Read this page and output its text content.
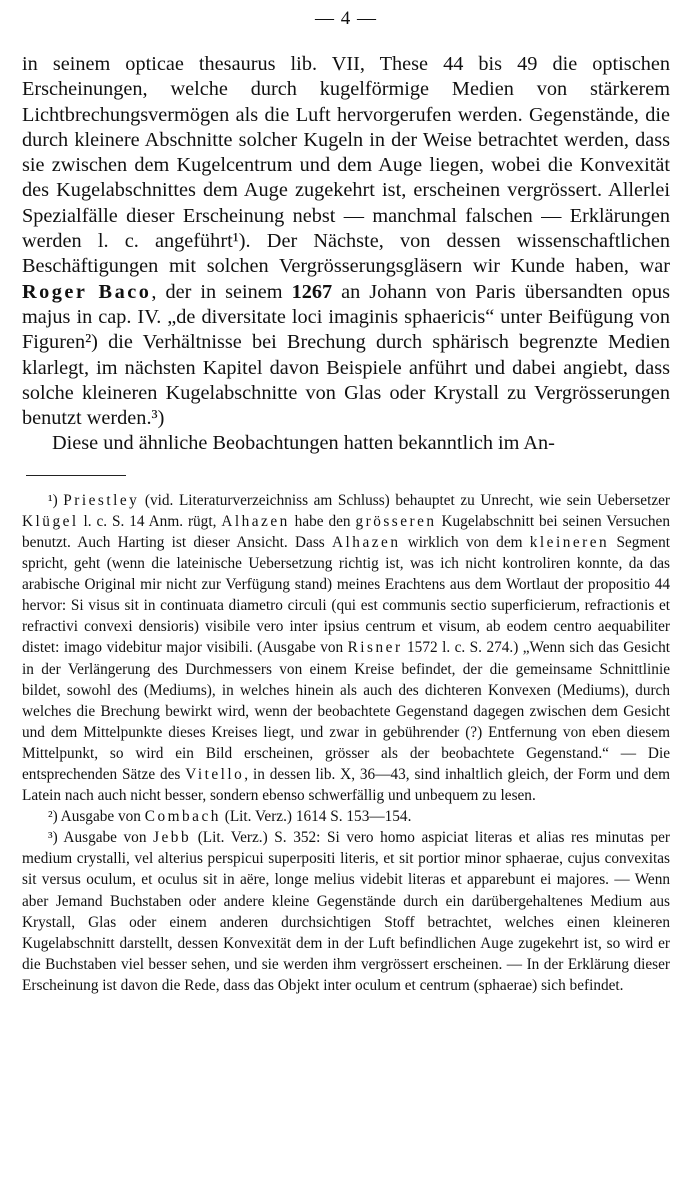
— 4 —

in seinem opticae thesaurus lib. VII, These 44 bis 49 die optischen Erscheinungen, welche durch kugelförmige Medien von stärkerem Lichtbrechungsvermögen als die Luft hervorgerufen werden. Gegenstände, die durch kleinere Abschnitte solcher Kugeln in der Weise betrachtet werden, dass sie zwischen dem Kugelcentrum und dem Auge liegen, wobei die Konvexität des Kugelabschnittes dem Auge zugekehrt ist, erscheinen vergrössert. Allerlei Spezialfälle dieser Erscheinung nebst — manchmal falschen — Erklärungen werden l. c. angeführt¹). Der Nächste, von dessen wissenschaftlichen Beschäftigungen mit solchen Vergrösserungsgläsern wir Kunde haben, war Roger Baco, der in seinem 1267 an Johann von Paris übersandten opus majus in cap. IV. „de diversitate loci imaginis sphaericis“ unter Beifügung von Figuren²) die Verhältnisse bei Brechung durch sphärisch begrenzte Medien klarlegt, im nächsten Kapitel davon Beispiele anführt und dabei angiebt, dass solche kleineren Kugelabschnitte von Glas oder Krystall zu Vergrösserungen benutzt werden.³)

Diese und ähnliche Beobachtungen hatten bekanntlich im An-

¹) Priestley (vid. Literaturverzeichniss am Schluss) behauptet zu Unrecht, wie sein Uebersetzer Klügel l. c. S. 14 Anm. rügt, Alhazen habe den grösseren Kugelabschnitt bei seinen Versuchen benutzt. Auch Harting ist dieser Ansicht. Dass Alhazen wirklich von dem kleineren Segment spricht, geht (wenn die lateinische Uebersetzung richtig ist, was ich nicht kontroliren konnte, da das arabische Original mir nicht zur Verfügung stand) meines Erachtens aus dem Wortlaut der propositio 44 hervor: Si visus sit in continuata diametro circuli (qui est communis sectio superficierum, refractionis et refractivi convexi densioris) visibile vero inter ipsius centrum et visum, ab eodem centro aequabiliter distet: imago videbitur major visibili. (Ausgabe von Risner 1572 l. c. S. 274.) „Wenn sich das Gesicht in der Verlängerung des Durchmessers von einem Kreise befindet, der die gemeinsame Schnittlinie bildet, sowohl des (Mediums), in welches hinein als auch des dichteren Konvexen (Mediums), durch welches die Brechung bewirkt wird, wenn der beobachtete Gegenstand dagegen zwischen dem Gesicht und dem Mittelpunkte dieses Kreises liegt, und zwar in gebührender (?) Entfernung von eben diesem Mittelpunkt, so wird ein Bild erscheinen, grösser als der beobachtete Gegenstand.“ — Die entsprechenden Sätze des Vitello, in dessen lib. X, 36—43, sind inhaltlich gleich, der Form und dem Latein nach auch nicht besser, sondern ebenso schwerfällig und unbequem zu lesen.

²) Ausgabe von Combach (Lit. Verz.) 1614 S. 153—154.

³) Ausgabe von Jebb (Lit. Verz.) S. 352: Si vero homo aspiciat literas et alias res minutas per medium crystalli, vel alterius perspicui superpositi literis, et sit portior minor sphaerae, cujus convexitas sit versus oculum, et oculus sit in aëre, longe melius videbit literas et apparebunt ei majores. — Wenn aber Jemand Buchstaben oder andere kleine Gegenstände durch ein darübergehaltenes Medium aus Krystall, Glas oder einem anderen durchsichtigen Stoff betrachtet, welches einen kleineren Kugelabschnitt darstellt, dessen Konvexität dem in der Luft befindlichen Auge zugekehrt ist, so wird er die Buchstaben viel besser sehen, und sie werden ihm vergrössert erscheinen. — In der Erklärung dieser Erscheinung ist davon die Rede, dass das Objekt inter oculum et centrum (sphaerae) sich befindet.
